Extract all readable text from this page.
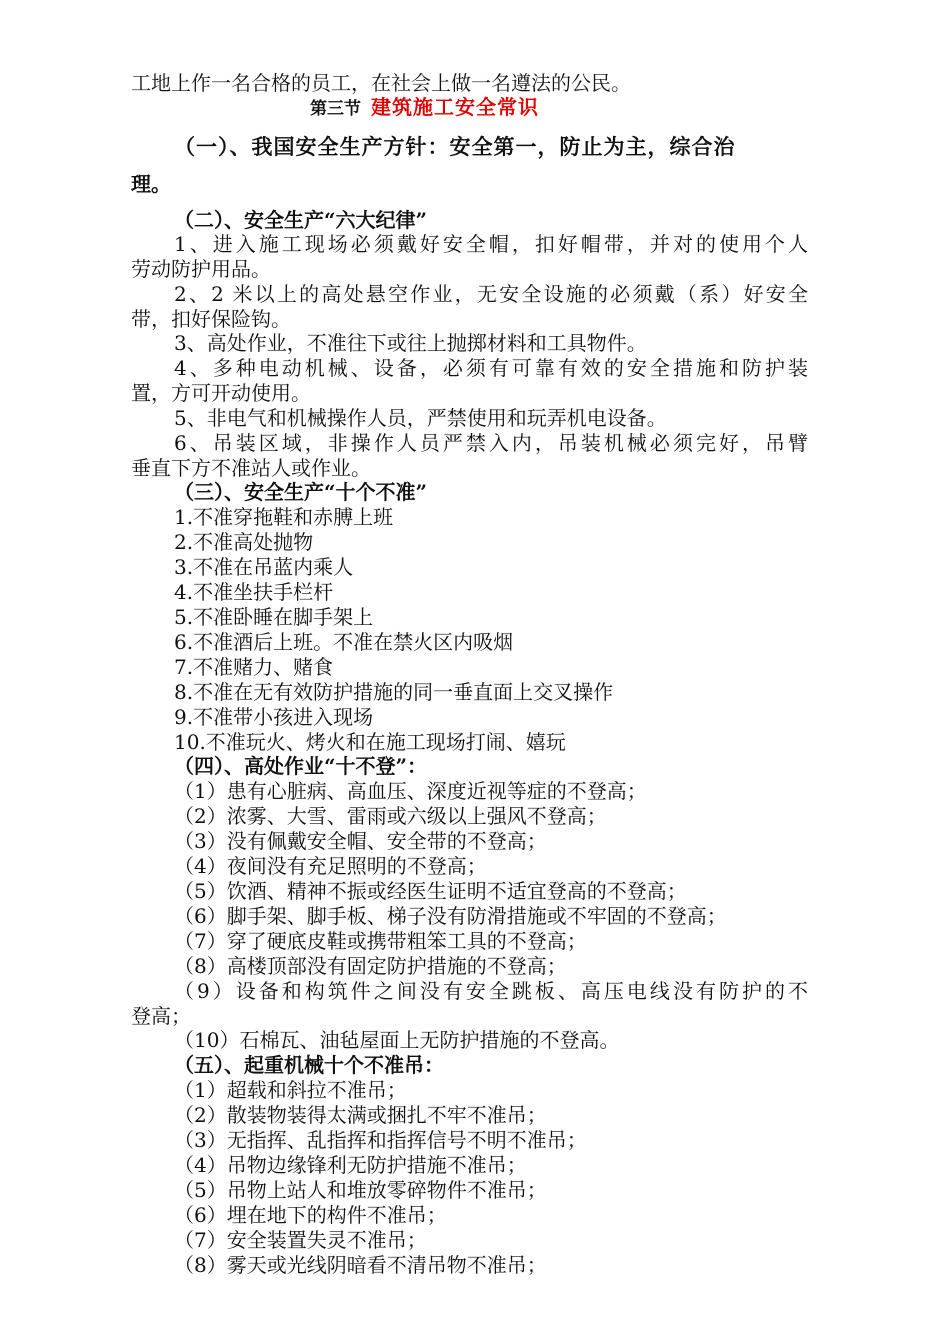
工地上作一名合格的员工，在社会上做一名遵法的公民。
第三节 建筑施工安全常识
（一）、我国安全生产方针：安全第一，防止为主，综合治
理。
（二）、安全生产“六大纪律”
1、进入施工现场必须戴好安全帽，扣好帽带，并对的使用个人
劳动防护用品。
2、2 米以上的高处悬空作业，无安全设施的必须戴（系）好安全
带，扣好保险钩。
3、高处作业，不准往下或往上抛掷材料和工具物件。
4、多种电动机械、设备，必须有可靠有效的安全措施和防护装
置，方可开动使用。
5、非电气和机械操作人员，严禁使用和玩弄机电设备。
6、吊装区域，非操作人员严禁入内，吊装机械必须完好，吊臂
垂直下方不准站人或作业。
（三）、安全生产“十个不准”
1.不准穿拖鞋和赤膊上班
2.不准高处抛物
3.不准在吊蓝内乘人
4.不准坐扶手栏杆
5.不准卧睡在脚手架上
6.不准酒后上班。不准在禁火区内吸烟
7.不准赌力、赌食
8.不准在无有效防护措施的同一垂直面上交叉操作
9.不准带小孩进入现场
10.不准玩火、烤火和在施工现场打闹、嬉玩
（四）、高处作业“十不登”：
（1）患有心脏病、高血压、深度近视等症的不登高；
（2）浓雾、大雪、雷雨或六级以上强风不登高；
（3）没有佩戴安全帽、安全带的不登高；
（4）夜间没有充足照明的不登高；
（5）饮酒、精神不振或经医生证明不适宜登高的不登高；
（6）脚手架、脚手板、梯子没有防滑措施或不牢固的不登高；
（7）穿了硬底皮鞋或携带粗笨工具的不登高；
（8）高楼顶部没有固定防护措施的不登高；
（9）设备和构筑件之间没有安全跳板、高压电线没有防护的不
登高；
（10）石棉瓦、油毡屋面上无防护措施的不登高。
（五）、起重机械十个不准吊：
（1）超载和斜拉不准吊；
（2）散装物装得太满或捆扎不牢不准吊；
（3）无指挥、乱指挥和指挥信号不明不准吊；
（4）吊物边缘锋利无防护措施不准吊；
（5）吊物上站人和堆放零碎物件不准吊；
（6）埋在地下的构件不准吊；
（7）安全装置失灵不准吊；
（8）雾天或光线阴暗看不清吊物不准吊；
